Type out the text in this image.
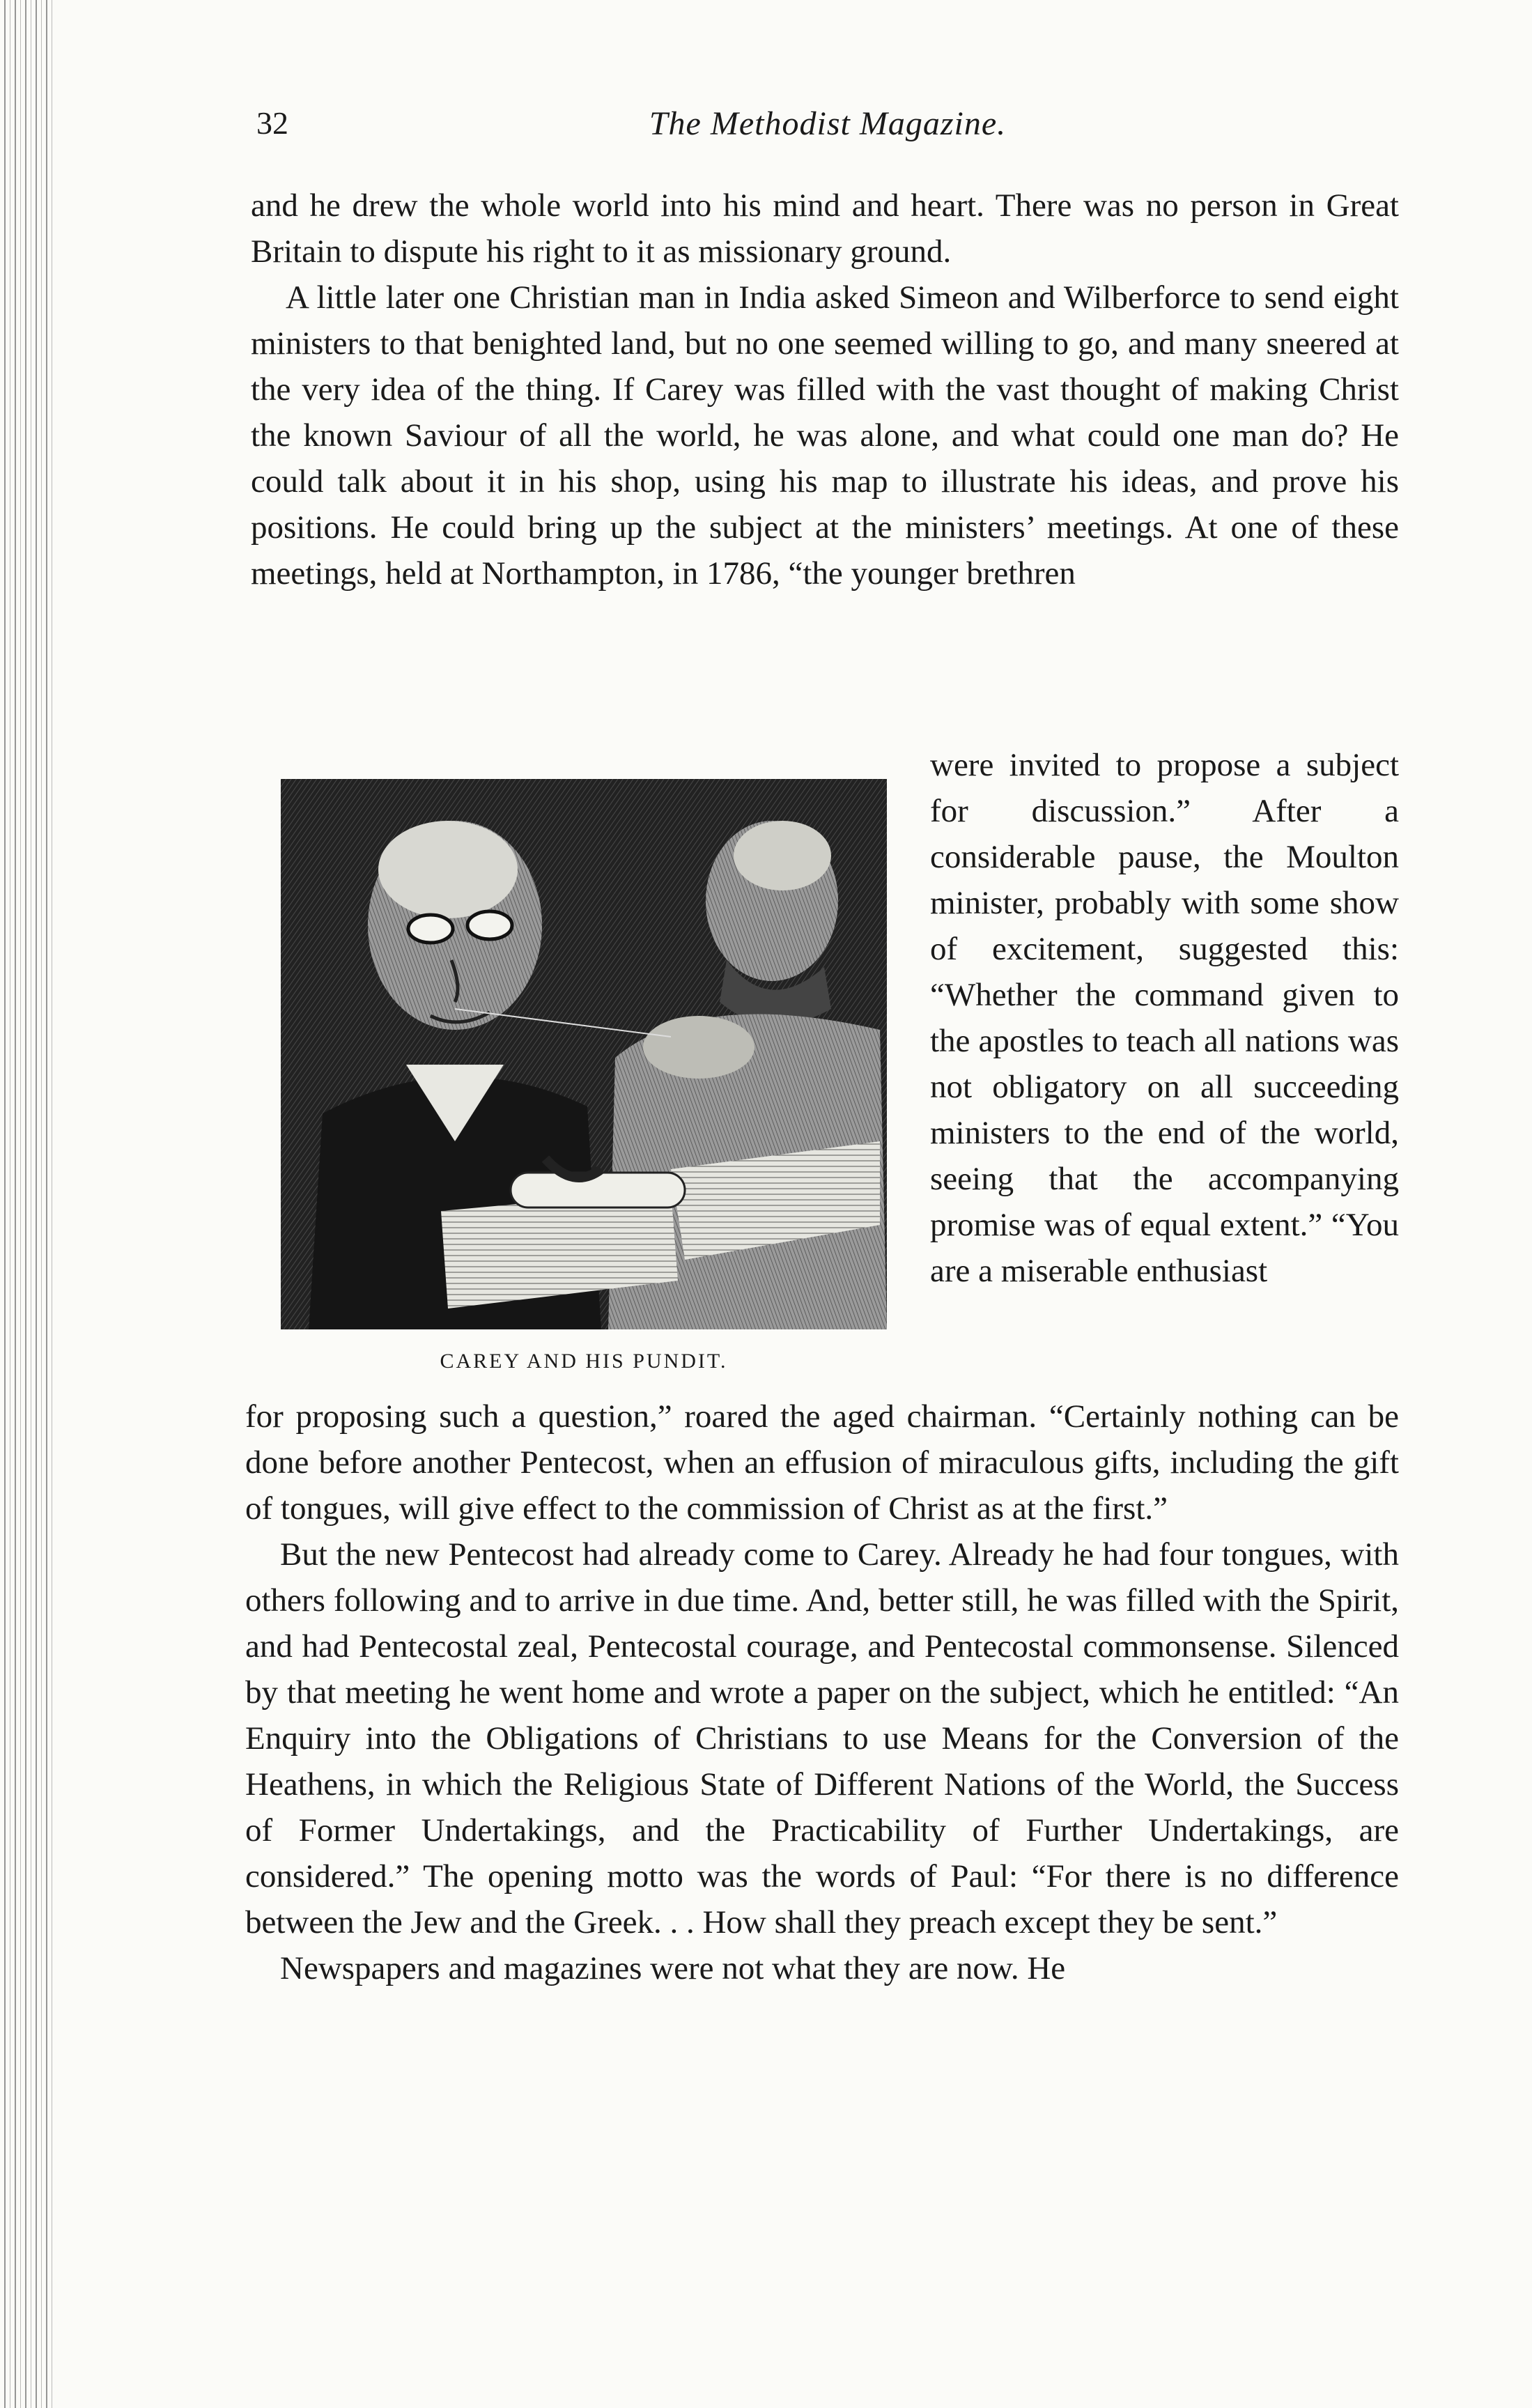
32	The Methodist Magazine.

and he drew the whole world into his mind and heart. There was no person in Great Britain to dispute his right to it as missionary ground.

A little later one Christian man in India asked Simeon and Wilberforce to send eight ministers to that benighted land, but no one seemed willing to go, and many sneered at the very idea of the thing. If Carey was filled with the vast thought of making Christ the known Saviour of all the world, he was alone, and what could one man do? He could talk about it in his shop, using his map to illustrate his ideas, and prove his positions. He could bring up the subject at the ministers’ meetings. At one of these meetings, held at Northampton, in 1786, “the younger brethren

CAREY AND HIS PUNDIT.

were invited to propose a subject for discussion.” After a considerable pause, the Moulton minister, probably with some show of excitement, suggested this: “Whether the command given to the apostles to teach all nations was not obligatory on all succeeding ministers to the end of the world, seeing that the accompanying promise was of equal extent.” “You are a miserable enthusiast

for proposing such a question,” roared the aged chairman. “Certainly nothing can be done before another Pentecost, when an effusion of miraculous gifts, including the gift of tongues, will give effect to the commission of Christ as at the first.”

But the new Pentecost had already come to Carey. Already he had four tongues, with others following and to arrive in due time. And, better still, he was filled with the Spirit, and had Pentecostal zeal, Pentecostal courage, and Pentecostal commonsense. Silenced by that meeting he went home and wrote a paper on the subject, which he entitled: “An Enquiry into the Obligations of Christians to use Means for the Conversion of the Heathens, in which the Religious State of Different Nations of the World, the Success of Former Undertakings, and the Practicability of Further Undertakings, are considered.” The opening motto was the words of Paul: “For there is no difference between the Jew and the Greek. . . How shall they preach except they be sent.”

Newspapers and magazines were not what they are now. He
